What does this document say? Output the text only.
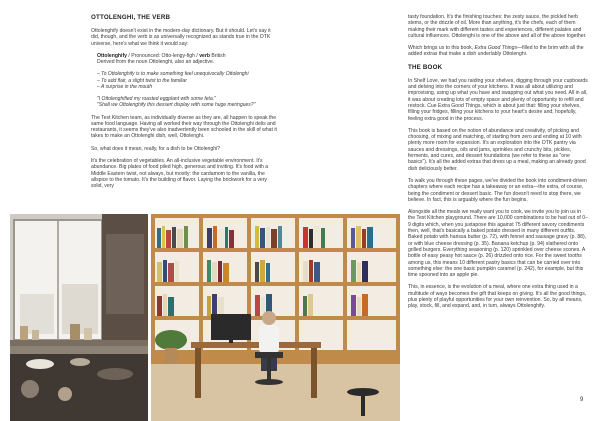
OTTOLENGHI, THE VERB
Ottolenghify doesn't exist in the modern-day dictionary. But it should. Let's say it did, though, and the verb is as universally recognized as stands true in the OTK universe, here's what we think it would say:
Ottolenghify / Pronounced: Otto-lengy-figh / verb British
Derived from the noun Ottolenghi, also an adjective.
– To Ottolenghify is to make something feel unequivocally Ottolenghi
– To add flair, a slight twist to the familiar
– A surprise in the mouth
"I Ottolenghified my roasted eggplant with some feta."
"Shall we Ottolenghify this dessert display with some huge meringues?"
The Test Kitchen team, as individually diverse as they are, all happen to speak the same food language. Having all worked their way through the Ottolenghi delis and restaurants, it seems they've also inadvertently been schooled in the skill of what it takes to make an Ottolenghi dish, well, Ottolenghi.
So, what does it mean, really, for a dish to be Ottolenghi?
It's the celebration of vegetables. An all-inclusive vegetable environment. It's abundance. Big plates of food piled high, generous and inviting. It's food with a Middle Eastern twist, not always, but mostly: the cardamom to the vanilla, the allspice to the tomato. It's the building of flavor. Laying the brickwork for a very solid, very
tasty foundation. It's the finishing touches: the zesty sauce, the pickled herb stems, or the drizzle of oil. More than anything, it's the chefs, each of them making their mark with different tastes and experiences, different palates and cultural influences. Ottolenghi is one of the above and all of the above together.
Which brings us to this book, Extra Good Things—filled to the brim with all the added extras that make a dish underlably Ottolenghi.
THE BOOK
In Shelf Love, we had you raiding your shelves, digging through your cupboards and delving into the corners of your kitchens. It was all about utilizing and improvising, using up what you have and swapping out what you need. All in all, it was about creating lots of empty space and plenty of opportunity to refill and restock. Cue Extra Good Things, which is about just that: filling your shelves, filling your fridges, filling your kitchens to your heart's desire and, hopefully, feeling extra good in the process.
This book is based on the notion of abundance and creativity, of picking and choosing, of mixing and matching, of starting from zero and ending at 10 with plenty more room for expansion. It's an exploration into the OTK pantry via sauces and dressings, oils and jams, sprinkles and crunchy bits, pickles, ferments, and cures, and dessert foundations (we refer to these as "one basics"). It's all the added extras that dress up a meal, making an already good dish deliciously better.
To walk you through these pages, we've divided the book into condiment-driven chapters where each recipe has a takeaway or an extra—the extra, of course, being the condiment or dessert basic. The fun doesn't need to stop there, we believe. In fact, this is arguably where the fun begins.
Alongside all the meals we really want you to cook, we invite you to join us in the Test Kitchen playground. There are 10,000 combinations to be had out of 0–9 digits which, when you juxtapose this against 75 different savory condiments then, well, that's basically a baked potato dressed in many different outfits. Baked potato with harissa butter (p. 72), with fennel and sausage gravy (p. 88), or with blue cheese dressing (p. 35). Banana ketchup (p. 94) slathered onto grilled burgers. Everything seasoning (p. 120) sprinkled over cheese scones. A bottle of easy peasy hot sauce (p. 26) drizzled onto rice. For the sweet tooths among us, this means 10 different pastry basics that can be carried over into something else: the one basic pumpkin caramel (p. 242), for example, but this time spooned into an apple pie.
This, in essence, is the evolution of a meal, where one extra thing used in a multitude of ways becomes the gift that keeps on giving. It's all the good things, plus plenty of playful opportunities for your own reinvention. So, by all means, play, stock, fill, and expand, and, in turn, always Ottolenghify.
9
